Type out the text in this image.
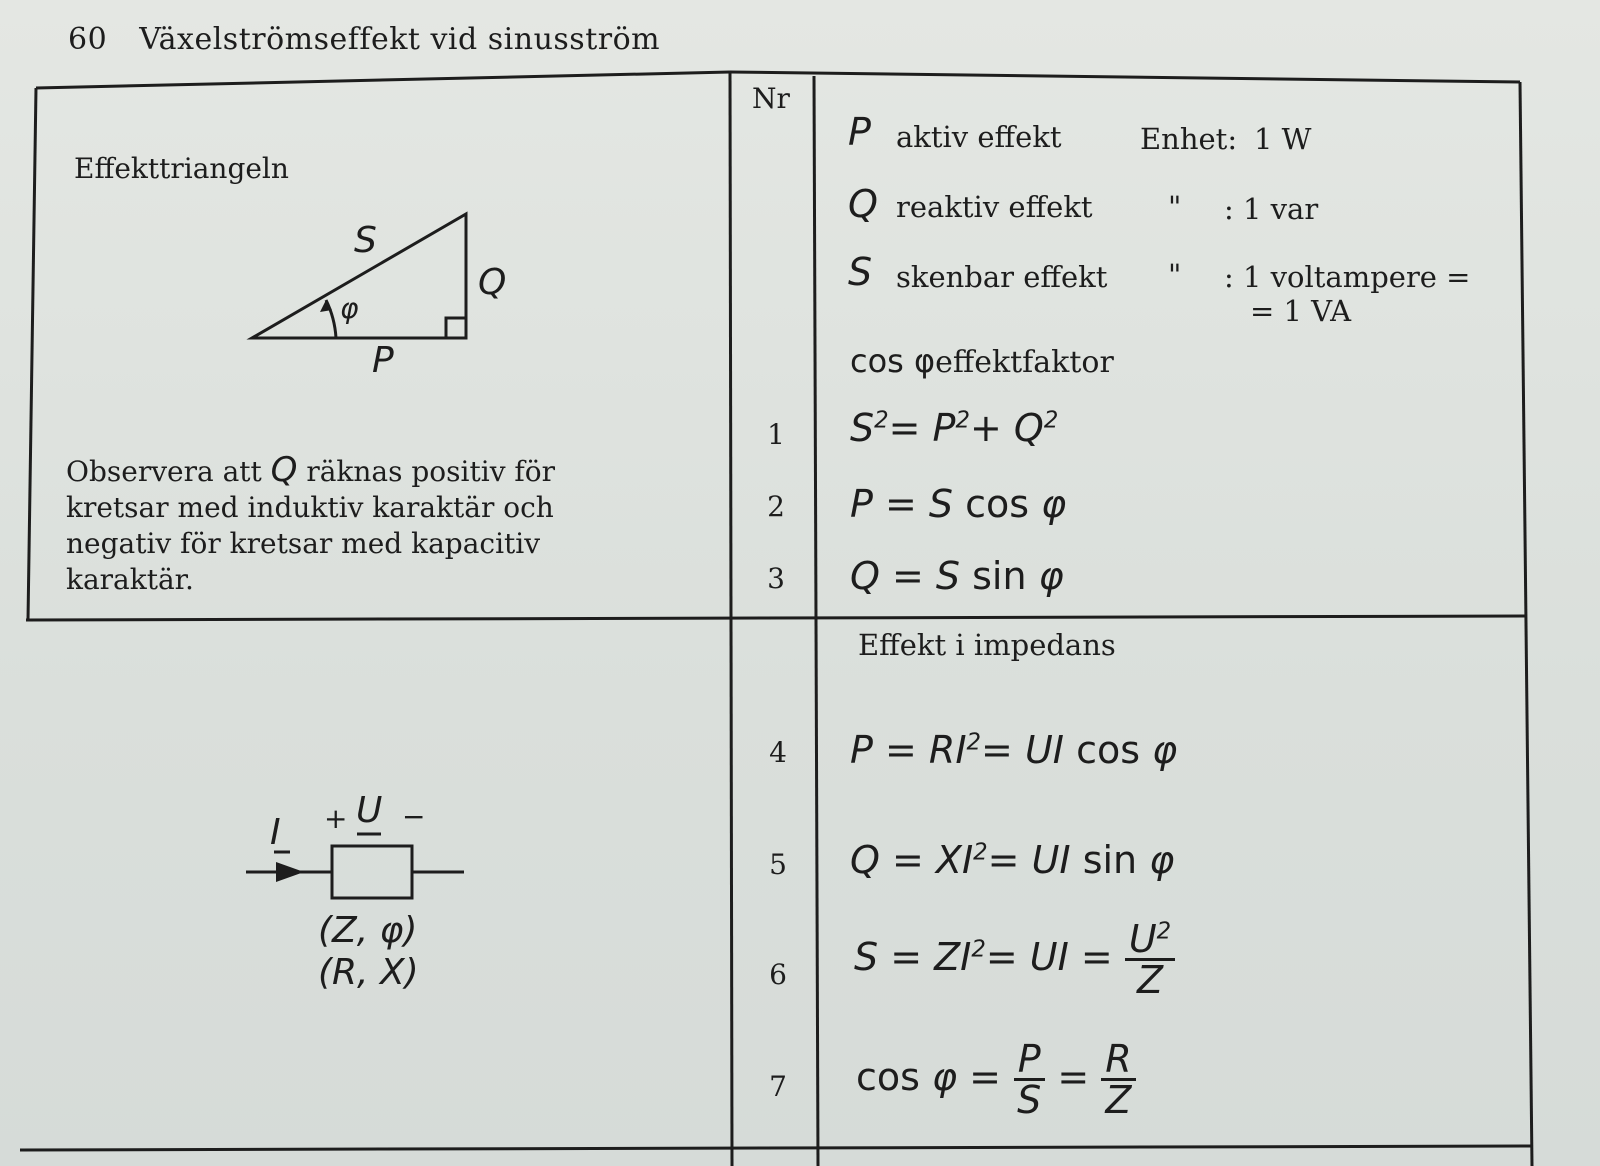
60 Växelströmseffekt vid sinusström
Nr
Effekttriangeln
S
Q
P
φ
Observera att Q räknas positiv för kretsar med induktiv karaktär och negativ för kretsar med kapacitiv karaktär.
P aktiv effekt	Enhet: 1 W
Q reaktiv effekt	" : 1 var
S skenbar effekt " : 1 voltampere =
= 1 VA
cos φeffektfaktor
1	$S^2= P^2+ Q^2$
2	P = S cos φ
3	Q = S sin φ
Effekt i impedans
I + U −
(Z, φ)
(R, X)
4	$P = RI^2=$ UI cos φ
5	$Q = XI^2=$ UI sin φ
6	$S = ZI^2=$ UI = $\frac{U^2}{Z}$
7	$\cos \varphi = \frac{P}{S} = \frac{R}{Z}$
